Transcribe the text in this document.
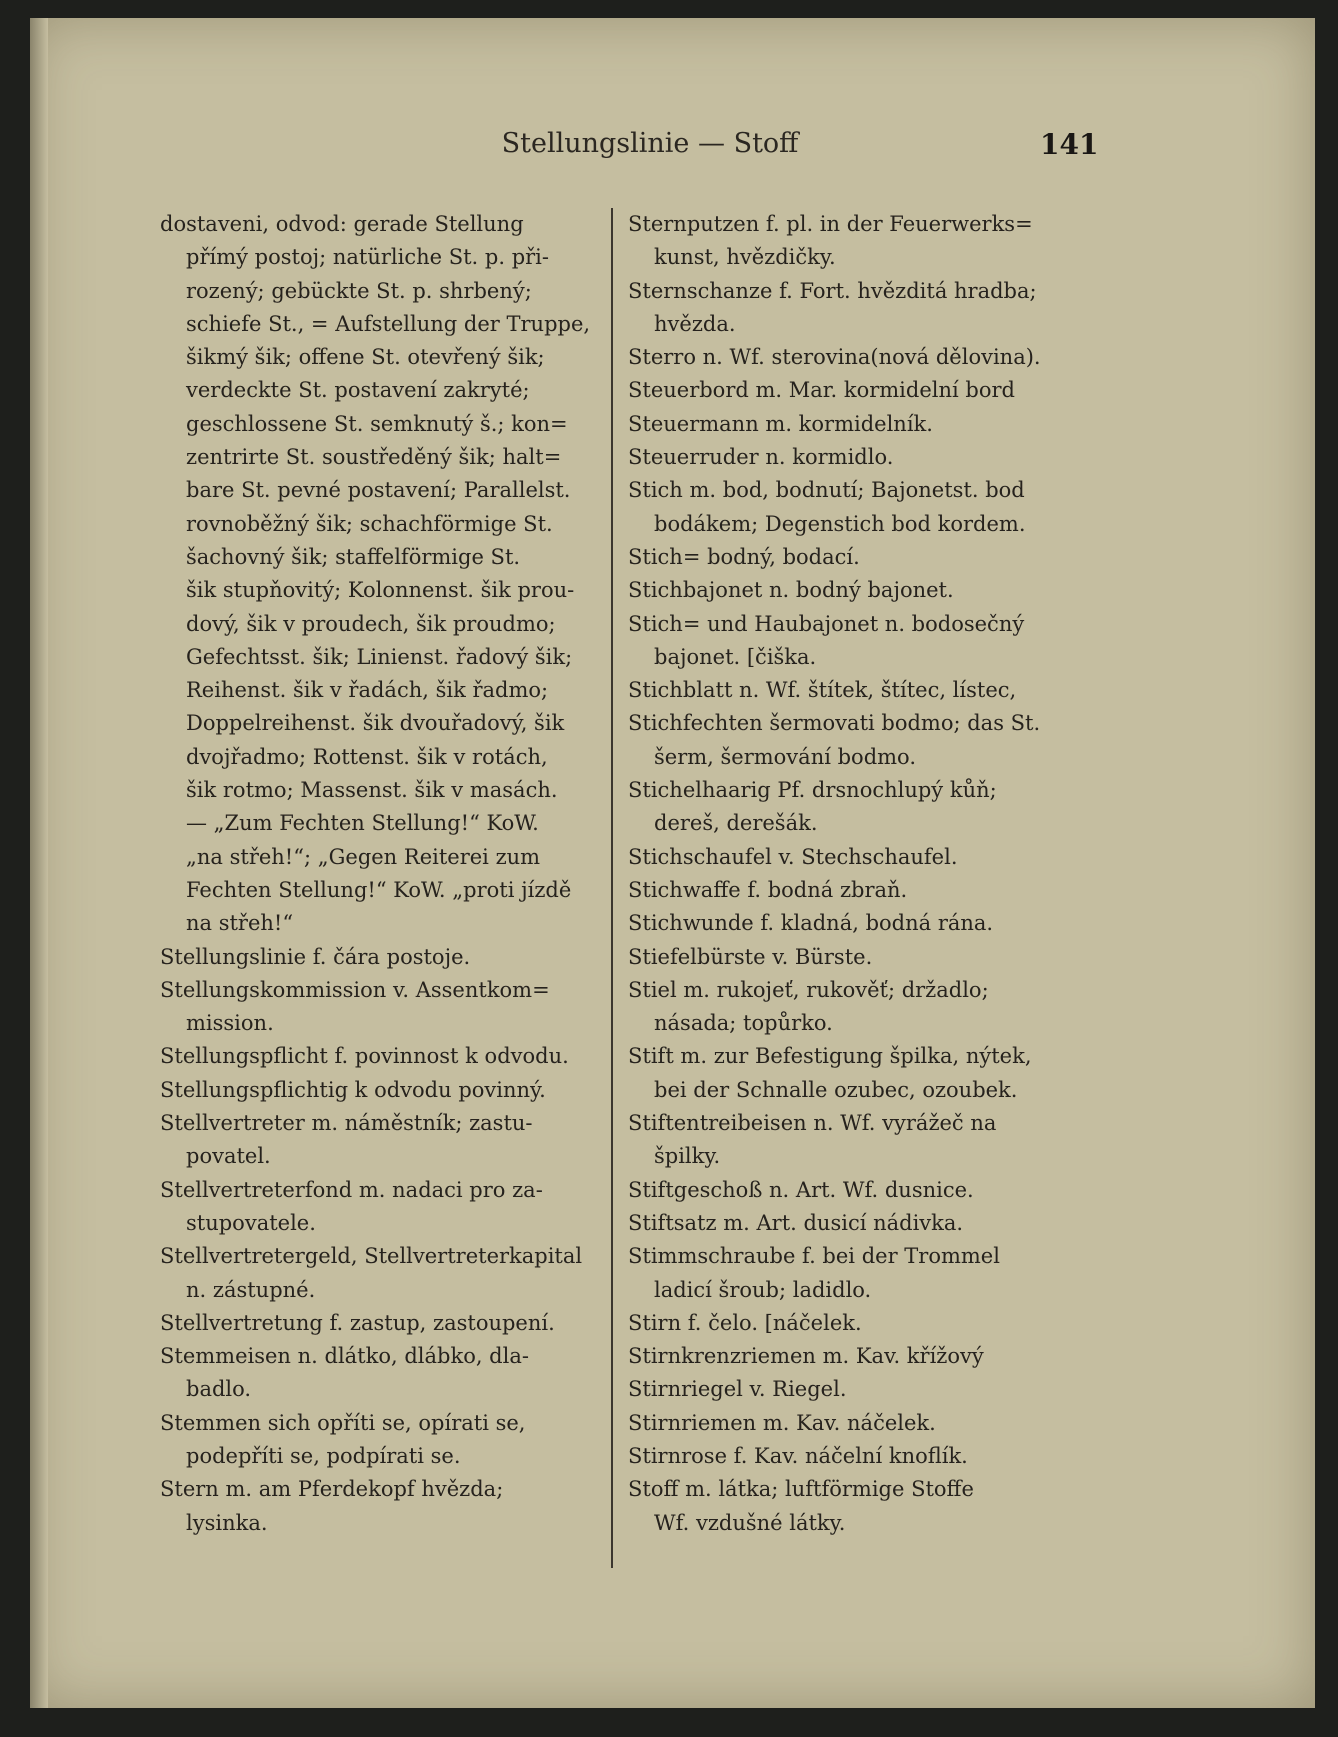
Stellungslinie — Stoff	141
dostaveni, odvod: gerade Stellung
přímý postoj; natürliche St. p. při-
rozený; gebückte St. p. shrbený;
schiefe St., = Aufstellung der Truppe,
šikmý šik; offene St. otevřený šik;
verdeckte St. postavení zakryté;
geschlossene St. semknutý š.; kon=
zentrirte St. soustředěný šik; halt=
bare St. pevné postavení; Parallelst.
rovnoběžný šik; schachförmige St.
šachovný šik; staffelförmige St.
šik stupňovitý; Kolonnenst. šik prou-
dový, šik v proudech, šik proudmo;
Gefechtsst. šik; Linienst. řadový šik;
Reihenst. šik v řadách, šik řadmo;
Doppelreihenst. šik dvouřadový, šik
dvojřadmo; Rottenst. šik v rotách,
šik rotmo; Massenst. šik v masách.
— „Zum Fechten Stellung!“ KoW.
„na střeh!“; „Gegen Reiterei zum
Fechten Stellung!“ KoW. „proti jízdě
na střeh!“
Stellungslinie f. čára postoje.
Stellungskommission v. Assentkom=
mission.
Stellungspflicht f. povinnost k odvodu.
Stellungspflichtig k odvodu povinný.
Stellvertreter m. náměstník; zastu-
povatel.
Stellvertreterfond m. nadaci pro za-
stupovatele.
Stellvertretergeld, Stellvertreterkapital
n. zástupné.
Stellvertretung f. zastup, zastoupení.
Stemmeisen n. dlátko, dlábko, dla-
badlo.
Stemmen sich opříti se, opírati se,
podepříti se, podpírati se.
Stern m. am Pferdekopf hvězda;
lysinka.
Sternputzen f. pl. in der Feuerwerks=
kunst, hvězdičky.
Sternschanze f. Fort. hvězditá hradba;
hvězda.
Sterro n. Wf. sterovina(nová dělovina).
Steuerbord m. Mar. kormidelní bord
Steuermann m. kormidelník.
Steuerruder n. kormidlo.
Stich m. bod, bodnutí; Bajonetst. bod
bodákem; Degenstich bod kordem.
Stich= bodný, bodací.
Stichbajonet n. bodný bajonet.
Stich= und Haubajonet n. bodosečný
bajonet. [čiška.
Stichblatt n. Wf. štítek, štítec, lístec,
Stichfechten šermovati bodmo; das St.
šerm, šermování bodmo.
Stichelhaarig Pf. drsnochlupý kůň;
dereš, derešák.
Stichschaufel v. Stechschaufel.
Stichwaffe f. bodná zbraň.
Stichwunde f. kladná, bodná rána.
Stiefelbürste v. Bürste.
Stiel m. rukojeť, rukověť; držadlo;
násada; topůrko.
Stift m. zur Befestigung špilka, nýtek,
bei der Schnalle ozubec, ozoubek.
Stiftentreibeisen n. Wf. vyrážeč na
špilky.
Stiftgeschoß n. Art. Wf. dusnice.
Stiftsatz m. Art. dusicí nádivka.
Stimmschraube f. bei der Trommel
ladicí šroub; ladidlo.
Stirn f. čelo. [náčelek.
Stirnkrenzriemen m. Kav. křížový
Stirnriegel v. Riegel.
Stirnriemen m. Kav. náčelek.
Stirnrose f. Kav. náčelní knoflík.
Stoff m. látka; luftförmige Stoffe
Wf. vzdušné látky.
